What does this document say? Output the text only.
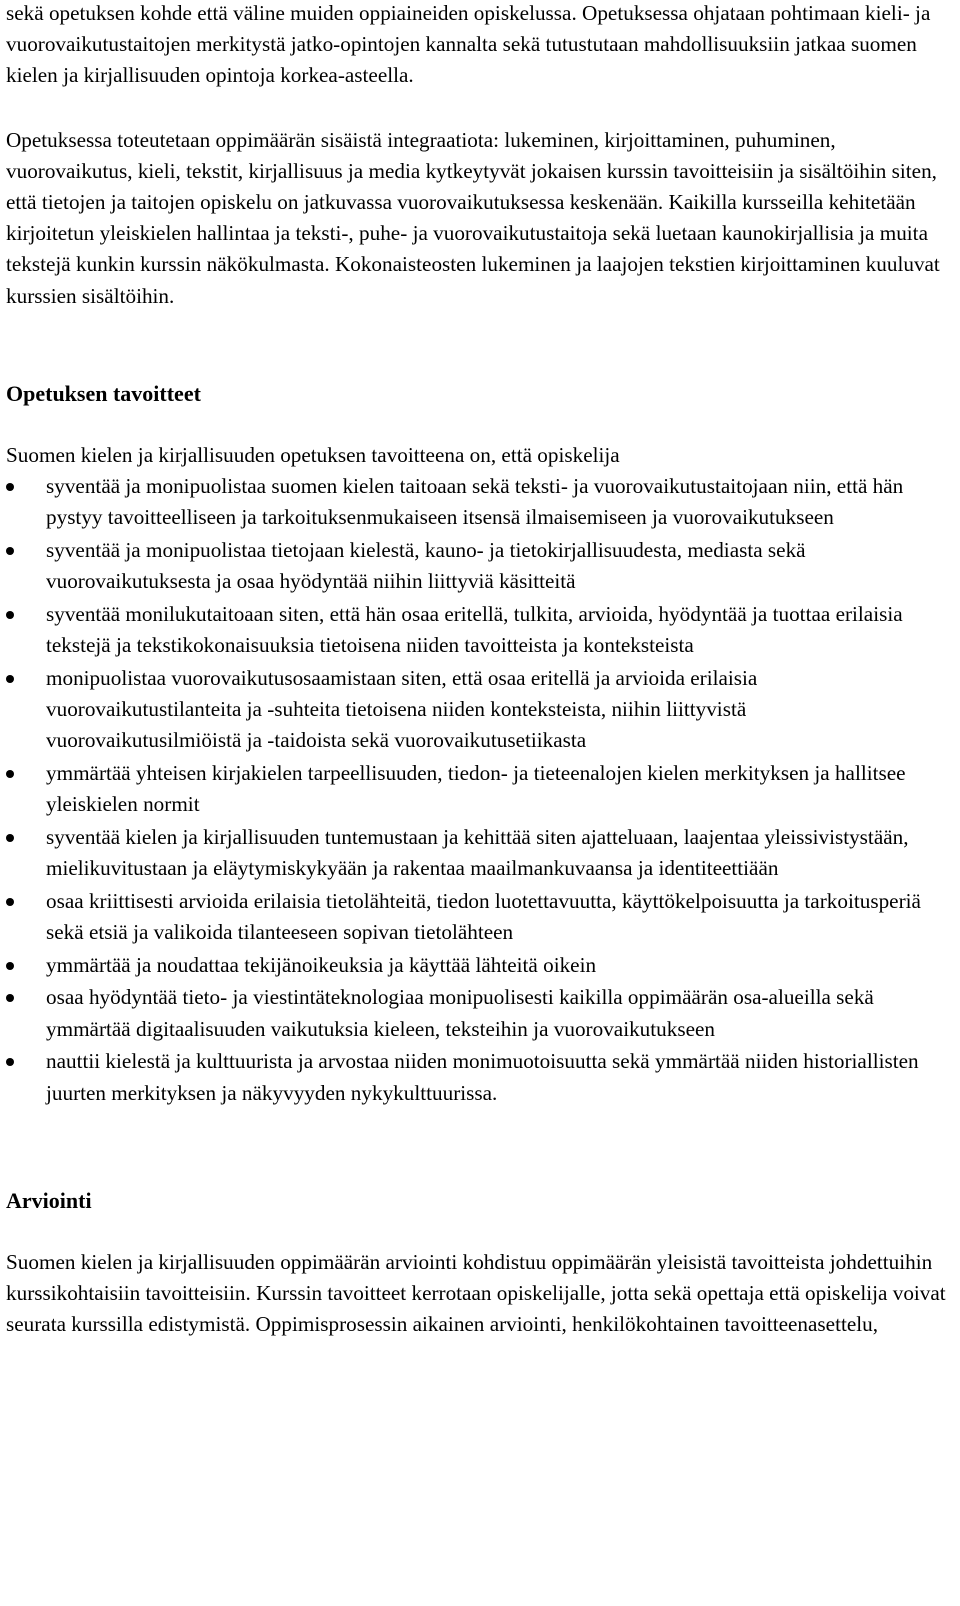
sekä opetuksen kohde että väline muiden oppiaineiden opiskelussa. Opetuksessa ohjataan pohtimaan kieli- ja vuorovaikutustaitojen merkitystä jatko-opintojen kannalta sekä tutustutaan mahdollisuuksiin jatkaa suomen kielen ja kirjallisuuden opintoja korkea-asteella.

Opetuksessa toteutetaan oppimäärän sisäistä integraatiota: lukeminen, kirjoittaminen, puhuminen, vuorovaikutus, kieli, tekstit, kirjallisuus ja media kytkeytyvät jokaisen kurssin tavoitteisiin ja sisältöihin siten, että tietojen ja taitojen opiskelu on jatkuvassa vuorovaikutuksessa keskenään. Kaikilla kursseilla kehitetään kirjoitetun yleiskielen hallintaa ja teksti-, puhe- ja vuorovaikutustaitoja sekä luetaan kaunokirjallisia ja muita tekstejä kunkin kurssin näkökulmasta. Kokonaisteosten lukeminen ja laajojen tekstien kirjoittaminen kuuluvat kurssien sisältöihin.

Opetuksen tavoitteet

Suomen kielen ja kirjallisuuden opetuksen tavoitteena on, että opiskelija

syventää ja monipuolistaa suomen kielen taitoaan sekä teksti- ja vuorovaikutustaitojaan niin, että hän pystyy tavoitteelliseen ja tarkoituksenmukaiseen itsensä ilmaisemiseen ja vuorovaikutukseen
syventää ja monipuolistaa tietojaan kielestä, kauno- ja tietokirjallisuudesta, mediasta sekä vuorovaikutuksesta ja osaa hyödyntää niihin liittyviä käsitteitä
syventää monilukutaitoaan siten, että hän osaa eritellä, tulkita, arvioida, hyödyntää ja tuottaa erilaisia tekstejä ja tekstikokonaisuuksia tietoisena niiden tavoitteista ja konteksteista
monipuolistaa vuorovaikutusosaamistaan siten, että osaa eritellä ja arvioida erilaisia vuorovaikutustilanteita ja -suhteita tietoisena niiden konteksteista, niihin liittyvistä vuorovaikutusilmiöistä ja -taidoista sekä vuorovaikutusetiikasta
ymmärtää yhteisen kirjakielen tarpeellisuuden, tiedon- ja tieteenalojen kielen merkityksen ja hallitsee yleiskielen normit
syventää kielen ja kirjallisuuden tuntemustaan ja kehittää siten ajatteluaan, laajentaa yleissivistystään, mielikuvitustaan ja eläytymiskykyään ja rakentaa maailmankuvaansa ja identiteettiään
osaa kriittisesti arvioida erilaisia tietolähteitä, tiedon luotettavuutta, käyttökelpoisuutta ja tarkoitusperiä sekä etsiä ja valikoida tilanteeseen sopivan tietolähteen
ymmärtää ja noudattaa tekijänoikeuksia ja käyttää lähteitä oikein
osaa hyödyntää tieto- ja viestintäteknologiaa monipuolisesti kaikilla oppimäärän osa-alueilla sekä ymmärtää digitaalisuuden vaikutuksia kieleen, teksteihin ja vuorovaikutukseen
nauttii kielestä ja kulttuurista ja arvostaa niiden monimuotoisuutta sekä ymmärtää niiden historiallisten juurten merkityksen ja näkyvyyden nykykulttuurissa.
Arviointi

Suomen kielen ja kirjallisuuden oppimäärän arviointi kohdistuu oppimäärän yleisistä tavoitteista johdettuihin kurssikohtaisiin tavoitteisiin. Kurssin tavoitteet kerrotaan opiskelijalle, jotta sekä opettaja että opiskelija voivat seurata kurssilla edistymistä. Oppimisprosessin aikainen arviointi, henkilökohtainen tavoitteenasettelu,
